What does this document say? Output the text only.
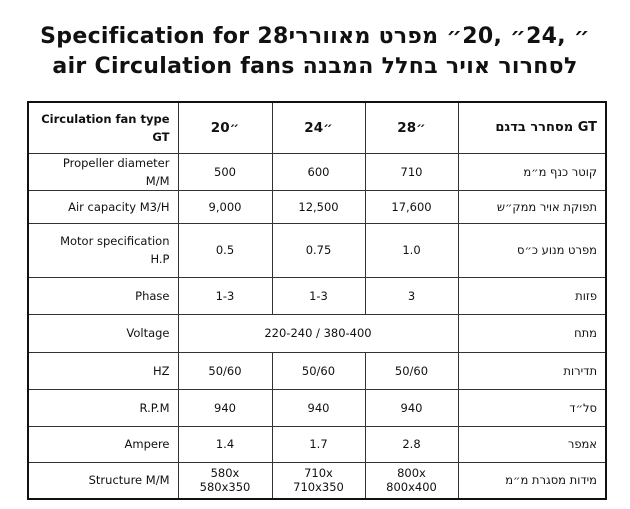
Specification for 28״ ,24״ ,20״ מפרט מאווררי
air Circulation fans לסחרור אויר בחלל המבנה
Circulation fan type
GT	20״	24״	28״	GT מסחרר בדגם
Propeller diameter M/M	500	600	710	קוטר כנף מ״מ
Air capacity M3/H	9,000	12,500	17,600	תפוקת אויר ממק״ש

Motor specification
H.P	0.5	0.75	1.0	מפרט מנוע כ״ס
Phase	1-3	1-3	3	פזות
Voltage	220-240 / 380-400			מתח
HZ	50/60	50/60	50/60	תדירות
R.P.M	940	940	940	סל״ד
Ampere	1.4	1.7	2.8	אמפר
Structure M/M	580x 580x350	710x 710x350	800x 800x400	מידות מסגרת מ״מ
